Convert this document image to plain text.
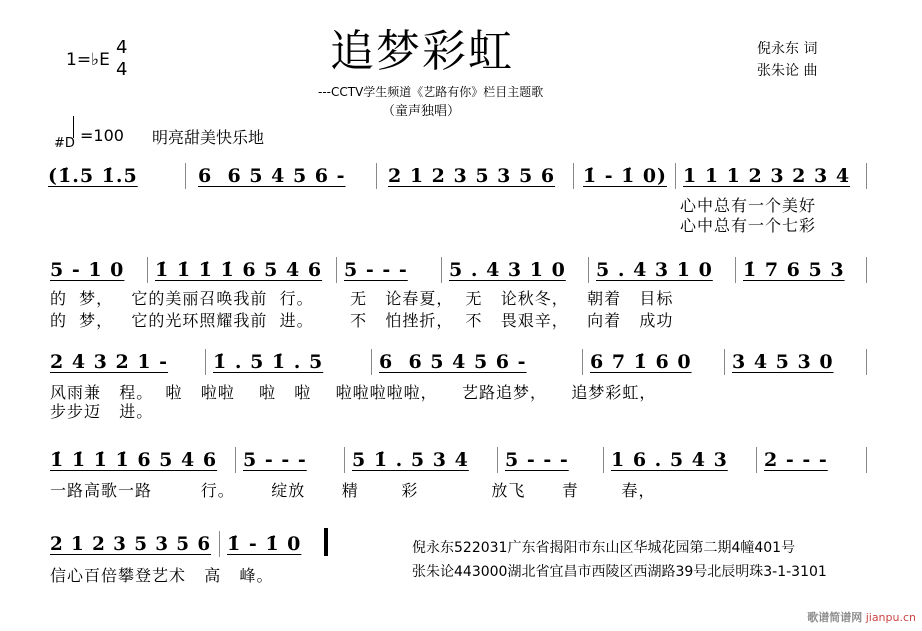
1=♭E
4
4	追梦彩虹
---CCTV学生频道《艺路有你》栏目主题歌
（童声独唱）
倪永东 词
张朱论 曲
#D =100 明亮甜美快乐地
(1̇.5 1̇.5	6  6 5 4 5 6 - 2 1 2 3 5 3 5 6 1̇ - 1̇ 0) 1 1 1 2 3 2 3 4
心中总有一个美好
心中总有一个七彩
5 - 1 0 1̇ 1̇ 1̇ 1̇ 6 5 4 6 5 - - - 5 . 4 3 1 0 5 . 4 3 1 0 1̇ 7 6 5 3
的  梦，   它的美丽召唤我前  行。      无   论春夏，  无   论秋冬，   朝着   目标
的  梦，   它的光环照耀我前  进。      不   怕挫折，  不   畏艰辛，   向着   成功
2 4 3 2 1 - 1̇ . 5 1̇ . 5	6  6 5 4 5 6 -	6 7 1̇ 6 0 3 4 5 3 0
风雨兼   程。  啦   啦啦    啦   啦    啦啦啦啦啦，    艺路追梦，    追梦彩虹，
步步迈   进。
1̇ 1̇ 1̇ 1̇ 6 5 4 6 5 - - - 5 1̇ . 5 3 4 5 - - - 1 6 . 5 4 3 2 - - -
一路高歌一路        行。      绽放      精       彩            放飞      青       春，
2 1 2 3 5 3 5 6 1̇ - 1̇ 0
信心百倍攀登艺术   高   峰。
倪永东522031广东省揭阳市东山区华城花园第二期4幢401号
张朱论443000湖北省宜昌市西陵区西湖路39号北辰明珠3-1-3101
歌谱简谱网 jianpu.cn
